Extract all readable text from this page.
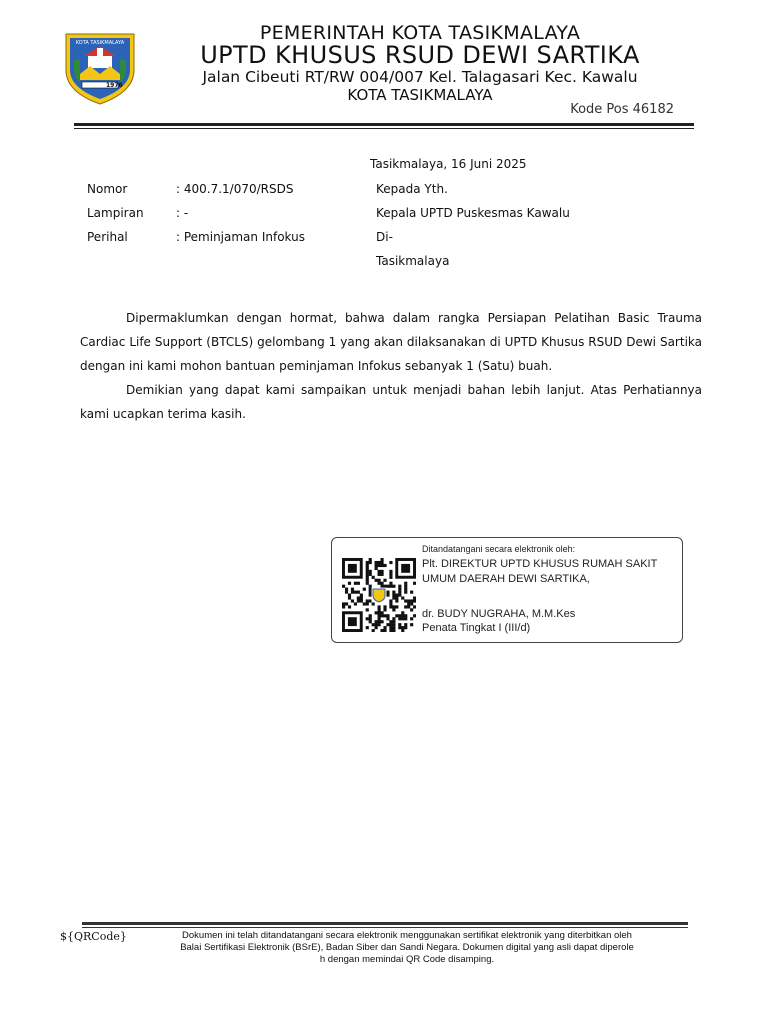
KOTA TASIKMALAYA
1976
PEMERINTAH KOTA TASIKMALAYA
UPTD KHUSUS RSUD DEWI SARTIKA
Jalan Cibeuti RT/RW 004/007 Kel. Talagasari Kec. Kawalu
KOTA TASIKMALAYA
Kode Pos 46182
Tasikmalaya, 16 Juni 2025
Nomor	: 400.7.1/070/RSDS
Lampiran	: -
Perihal	: Peminjaman Infokus
Kepada Yth.
Kepala UPTD Puskesmas Kawalu
Di-
Tasikmalaya

Dipermaklumkan dengan hormat, bahwa dalam rangka Persiapan Pelatihan Basic Trauma Cardiac Life Support (BTCLS) gelombang 1 yang akan dilaksanakan di UPTD Khusus RSUD Dewi Sartika dengan ini kami mohon bantuan peminjaman Infokus sebanyak 1 (Satu) buah.

Demikian yang dapat kami sampaikan untuk menjadi bahan lebih lanjut. Atas Perhatiannya kami ucapkan terima kasih.

Ditandatangani secara elektronik oleh:
Plt. DIREKTUR UPTD KHUSUS RUMAH SAKIT
UMUM DAERAH DEWI SARTIKA,
dr. BUDY NUGRAHA, M.M.Kes
Penata Tingkat I (III/d)
${QRCode}	Dokumen ini telah ditandatangani secara elektronik menggunakan sertifikat elektronik yang diterbitkan oleh
Balai Sertifikasi Elektronik (BSrE), Badan Siber dan Sandi Negara. Dokumen digital yang asli dapat diperole
h dengan memindai QR Code disamping.
